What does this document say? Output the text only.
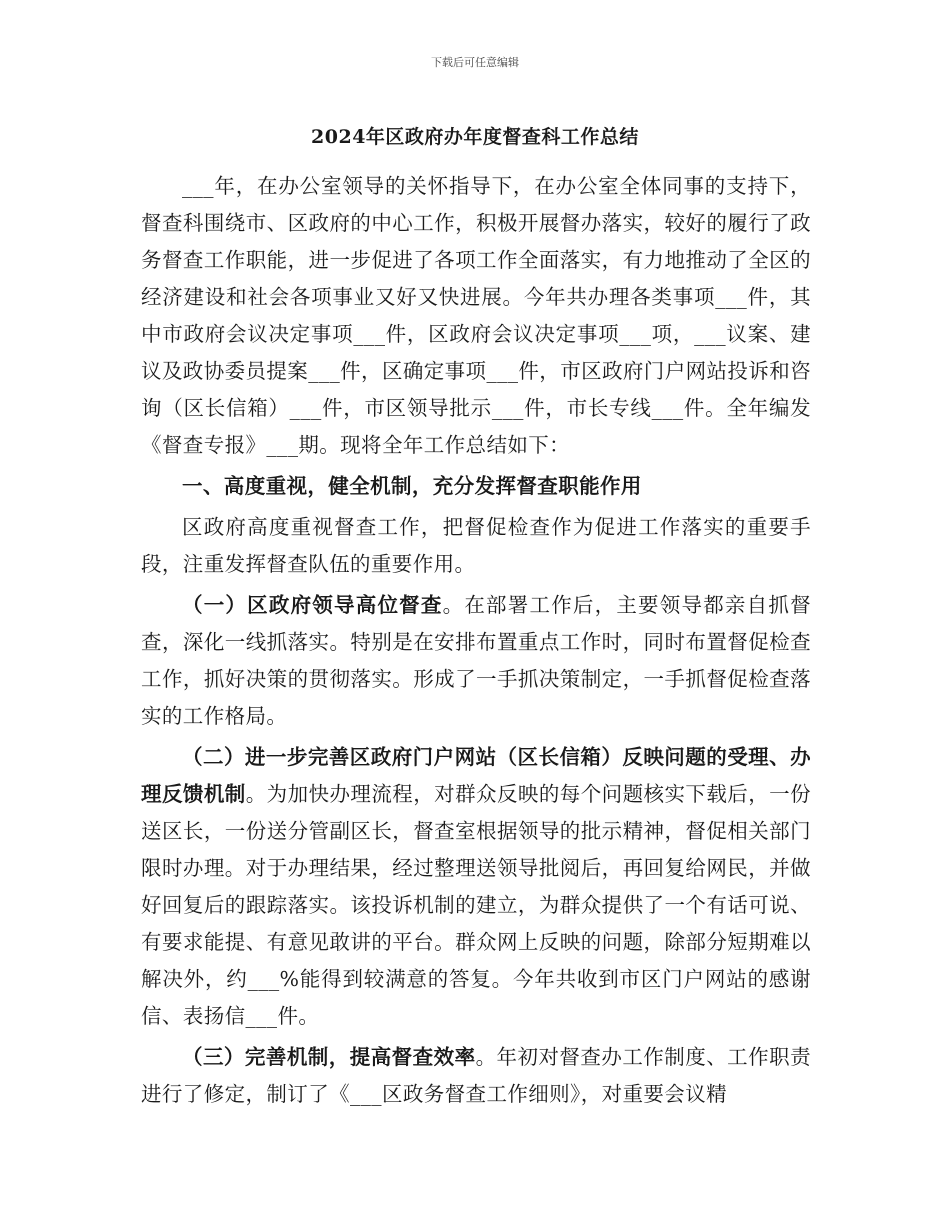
下载后可任意编辑
2024年区政府办年度督查科工作总结

___年，在办公室领导的关怀指导下，在办公室全体同事的支持下，督查科围绕市、区政府的中心工作，积极开展督办落实，较好的履行了政务督查工作职能，进一步促进了各项工作全面落实，有力地推动了全区的经济建设和社会各项事业又好又快进展。今年共办理各类事项___件，其中市政府会议决定事项___件，区政府会议决定事项___项，___议案、建议及政协委员提案___件，区确定事项___件，市区政府门户网站投诉和咨询（区长信箱）___件，市区领导批示___件，市长专线___件。全年编发《督查专报》___期。现将全年工作总结如下：

一、高度重视，健全机制，充分发挥督查职能作用

区政府高度重视督查工作，把督促检查作为促进工作落实的重要手段，注重发挥督查队伍的重要作用。

（一）区政府领导高位督查。在部署工作后，主要领导都亲自抓督查，深化一线抓落实。特别是在安排布置重点工作时，同时布置督促检查工作，抓好决策的贯彻落实。形成了一手抓决策制定，一手抓督促检查落实的工作格局。

（二）进一步完善区政府门户网站（区长信箱）反映问题的受理、办理反馈机制。为加快办理流程，对群众反映的每个问题核实下载后，一份送区长，一份送分管副区长，督查室根据领导的批示精神，督促相关部门限时办理。对于办理结果，经过整理送领导批阅后，再回复给网民，并做好回复后的跟踪落实。该投诉机制的建立，为群众提供了一个有话可说、有要求能提、有意见敢讲的平台。群众网上反映的问题，除部分短期难以解决外，约___%能得到较满意的答复。今年共收到市区门户网站的感谢信、表扬信___件。

（三）完善机制，提高督查效率。年初对督查办工作制度、工作职责进行了修定，制订了《___区政务督查工作细则》，对重要会议精
